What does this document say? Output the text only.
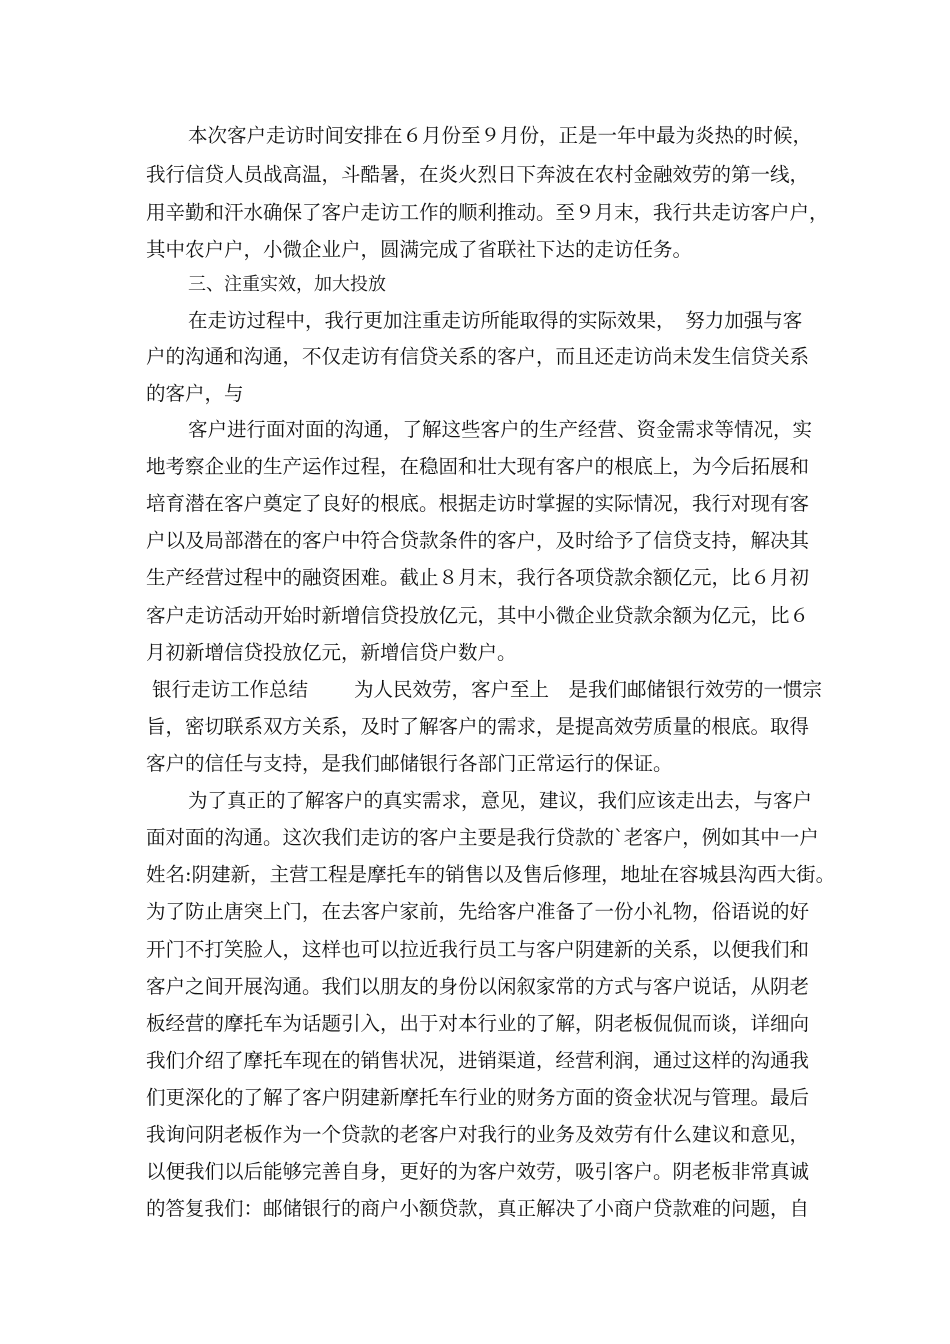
本次客户走访时间安排在６月份至９月份，正是一年中最为炎热的时候，

我行信贷人员战高温，斗酷暑，在炎火烈日下奔波在农村金融效劳的第一线，

用辛勤和汗水确保了客户走访工作的顺利推动。至９月末，我行共走访客户户，

其中农户户，小微企业户，圆满完成了省联社下达的走访任务。

三、注重实效，加大投放

在走访过程中，我行更加注重走访所能取得的实际效果，　努力加强与客

户的沟通和沟通，不仅走访有信贷关系的客户，而且还走访尚未发生信贷关系

的客户，与

客户进行面对面的沟通，了解这些客户的生产经营、资金需求等情况，实

地考察企业的生产运作过程，在稳固和壮大现有客户的根底上，为今后拓展和

培育潜在客户奠定了良好的根底。根据走访时掌握的实际情况，我行对现有客

户以及局部潜在的客户中符合贷款条件的客户，及时给予了信贷支持，解决其

生产经营过程中的融资困难。截止８月末，我行各项贷款余额亿元，比６月初

客户走访活动开始时新增信贷投放亿元，其中小微企业贷款余额为亿元，比６

月初新增信贷投放亿元，新增信贷户数户。

银行走访工作总结 为人民效劳，客户至上　是我们邮储银行效劳的一惯宗

旨，密切联系双方关系，及时了解客户的需求，是提高效劳质量的根底。取得

客户的信任与支持，是我们邮储银行各部门正常运行的保证。

为了真正的了解客户的真实需求，意见，建议，我们应该走出去，与客户

面对面的沟通。这次我们走访的客户主要是我行贷款的`老客户，例如其中一户

姓名:阴建新，主营工程是摩托车的销售以及售后修理，地址在容城县沟西大街。

为了防止唐突上门，在去客户家前，先给客户准备了一份小礼物，俗语说的好

开门不打笑脸人，这样也可以拉近我行员工与客户阴建新的关系，以便我们和

客户之间开展沟通。我们以朋友的身份以闲叙家常的方式与客户说话，从阴老

板经营的摩托车为话题引入，出于对本行业的了解，阴老板侃侃而谈，详细向

我们介绍了摩托车现在的销售状况，进销渠道，经营利润，通过这样的沟通我

们更深化的了解了客户阴建新摩托车行业的财务方面的资金状况与管理。最后

我询问阴老板作为一个贷款的老客户对我行的业务及效劳有什么建议和意见，

以便我们以后能够完善自身，更好的为客户效劳，吸引客户。阴老板非常真诚

的答复我们：邮储银行的商户小额贷款，真正解决了小商户贷款难的问题，自
